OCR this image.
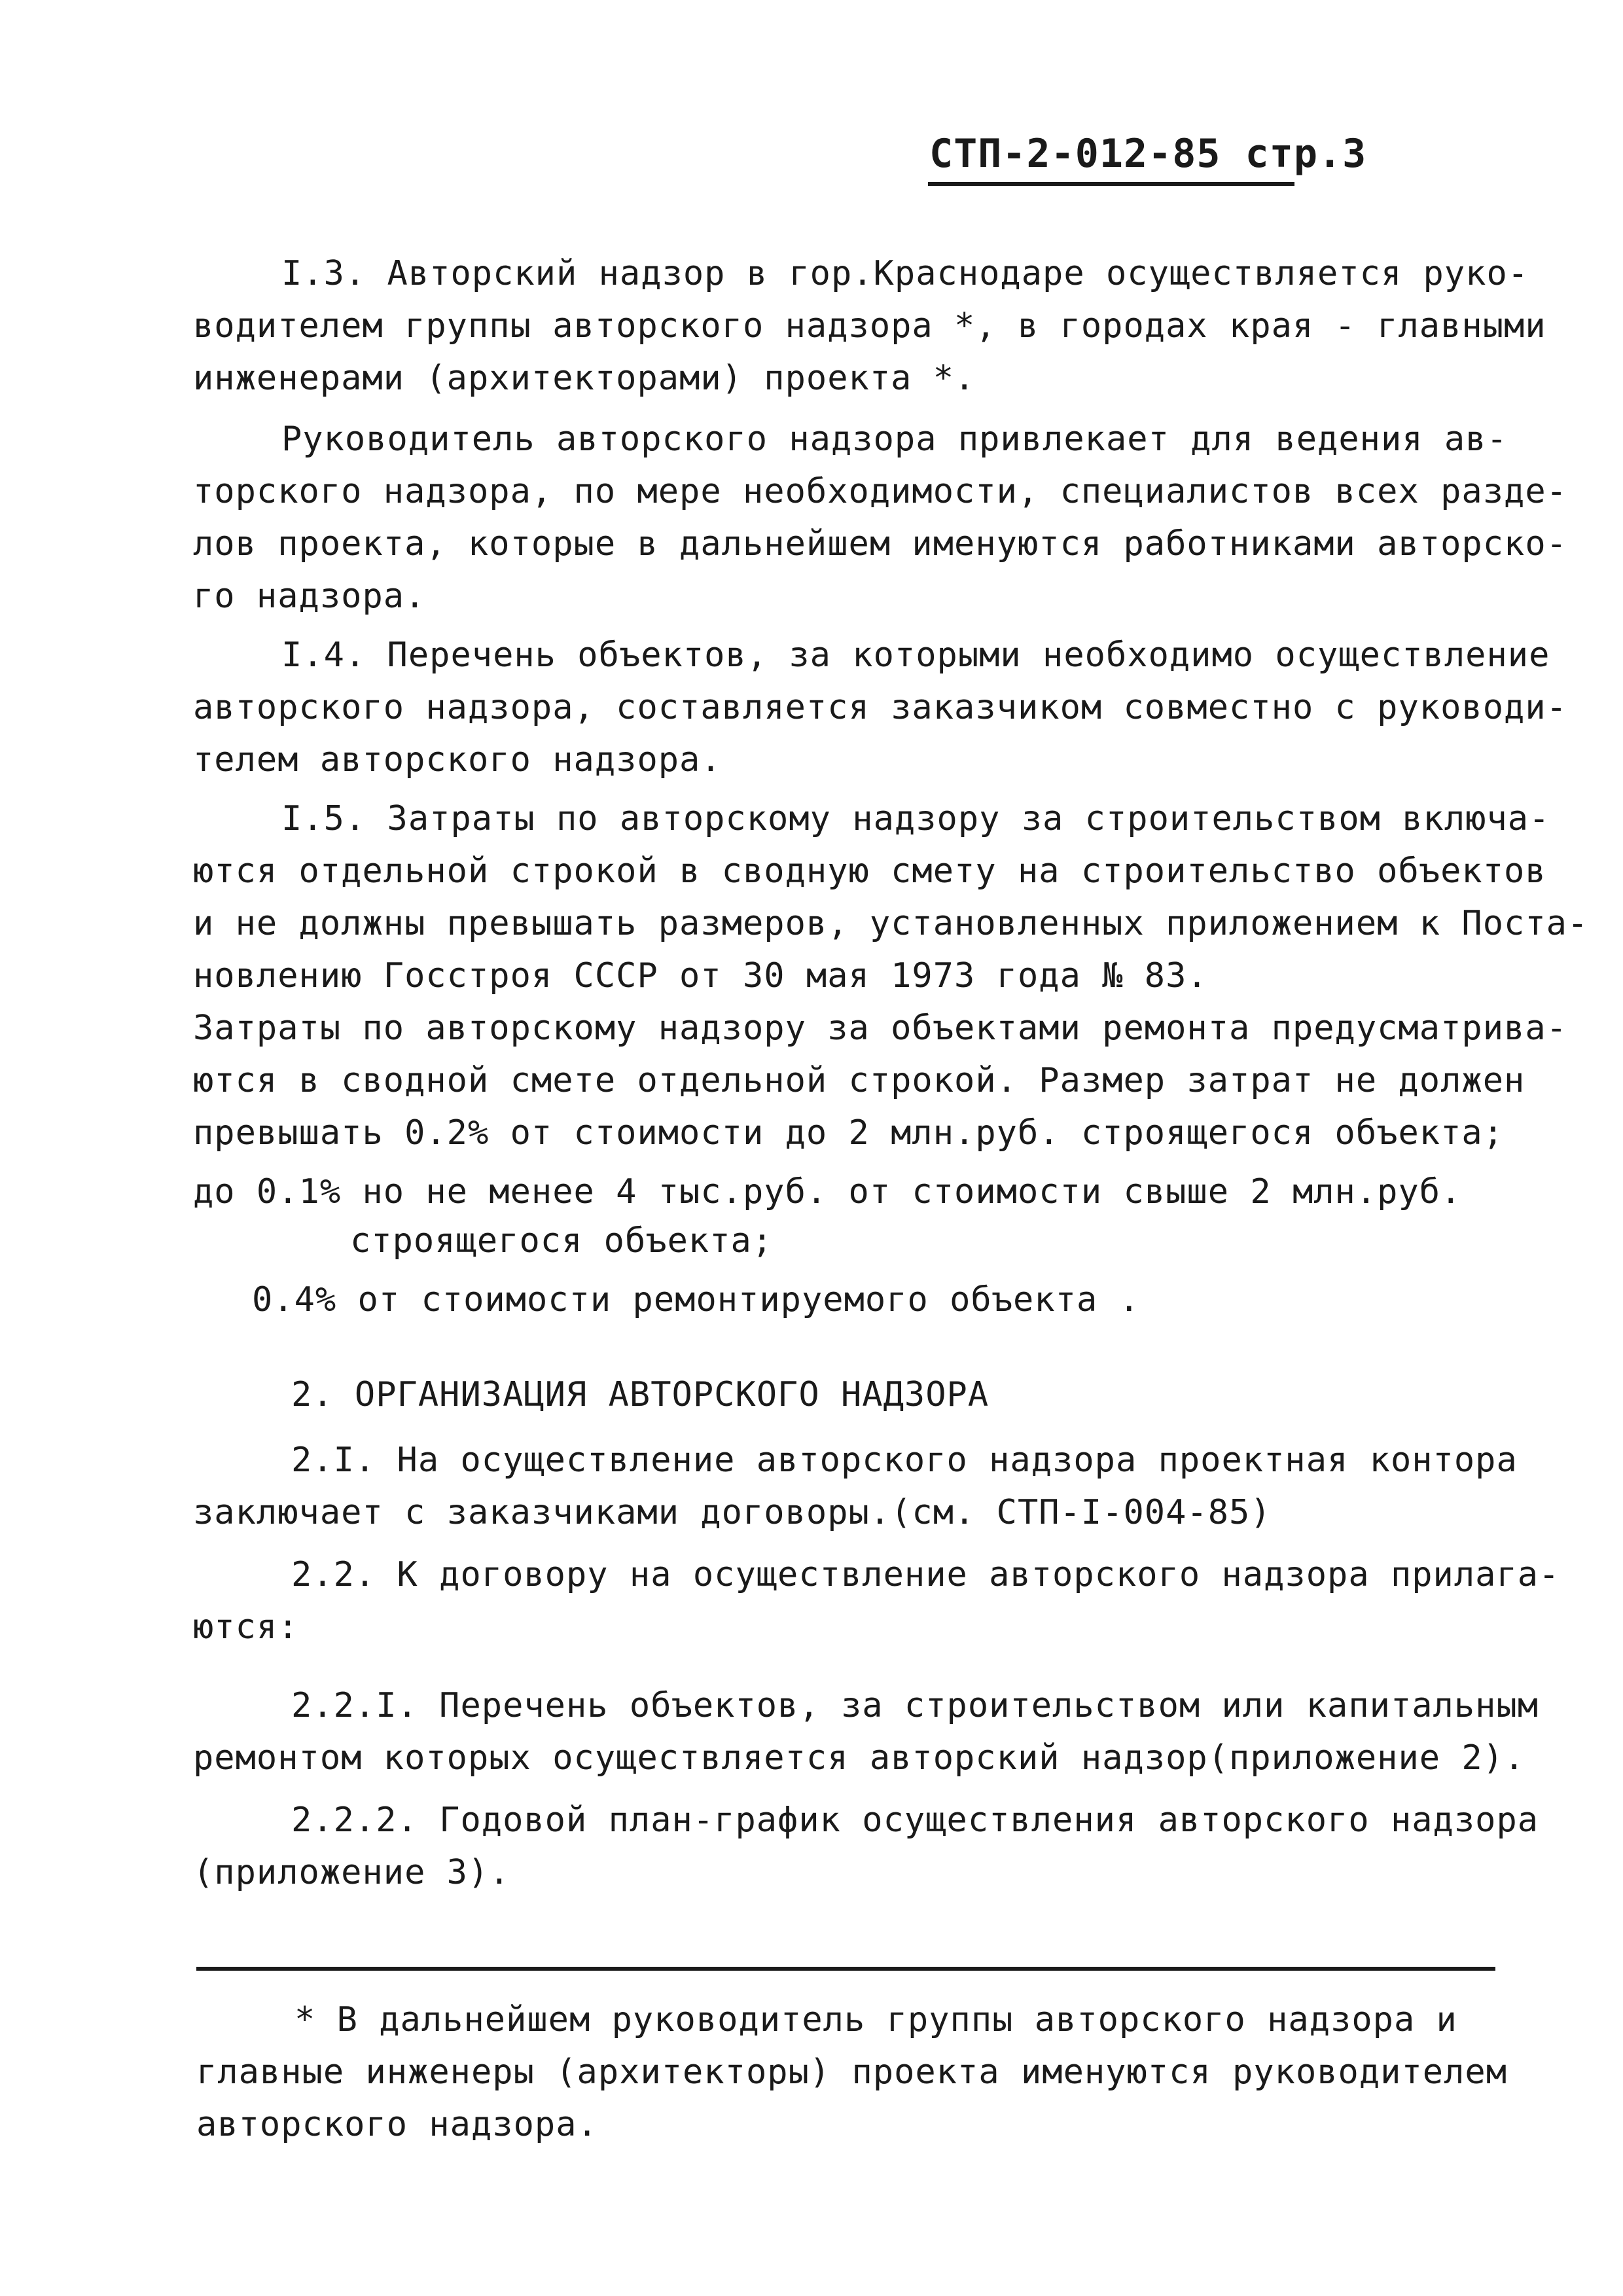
СТП-2-012-85 стр.3
I.3. Авторский надзор в гор.Краснодаре осуществляется руко-
водителем группы авторского надзора *, в городах края - главными
инженерами (архитекторами) проекта *.
Руководитель авторского надзора привлекает для ведения ав-
торского надзора, по мере необходимости, специалистов всех разде-
лов проекта, которые в дальнейшем именуются работниками авторско-
го надзора.
I.4. Перечень объектов, за которыми необходимо осуществление
авторского надзора, составляется заказчиком совместно с руководи-
телем авторского надзора.
I.5. Затраты по авторскому надзору за строительством включа-
ются отдельной строкой в сводную смету на строительство объектов
и не должны превышать размеров, установленных приложением к Поста-
новлению Госстроя СССР от 30 мая 1973 года № 83.
Затраты по авторскому надзору за объектами ремонта предусматрива-
ются в сводной смете отдельной строкой. Размер затрат не должен
превышать 0.2% от стоимости до 2 млн.руб. строящегося объекта;
до 0.1% но не менее 4 тыс.руб. от стоимости свыше 2 млн.руб.
строящегося объекта;
0.4% от стоимости ремонтируемого объекта .
2. ОРГАНИЗАЦИЯ АВТОРСКОГО НАДЗОРА
2.I. На осуществление авторского надзора проектная контора
заключает с заказчиками договоры.(см. СТП-I-004-85)
2.2. К договору на осуществление авторского надзора прилага-
ются:
2.2.I. Перечень объектов, за строительством или капитальным
ремонтом которых осуществляется авторский надзор(приложение 2).
2.2.2. Годовой план-график осуществления авторского надзора
(приложение 3).
* В дальнейшем руководитель группы авторского надзора и
главные инженеры (архитекторы) проекта именуются руководителем
авторского надзора.
